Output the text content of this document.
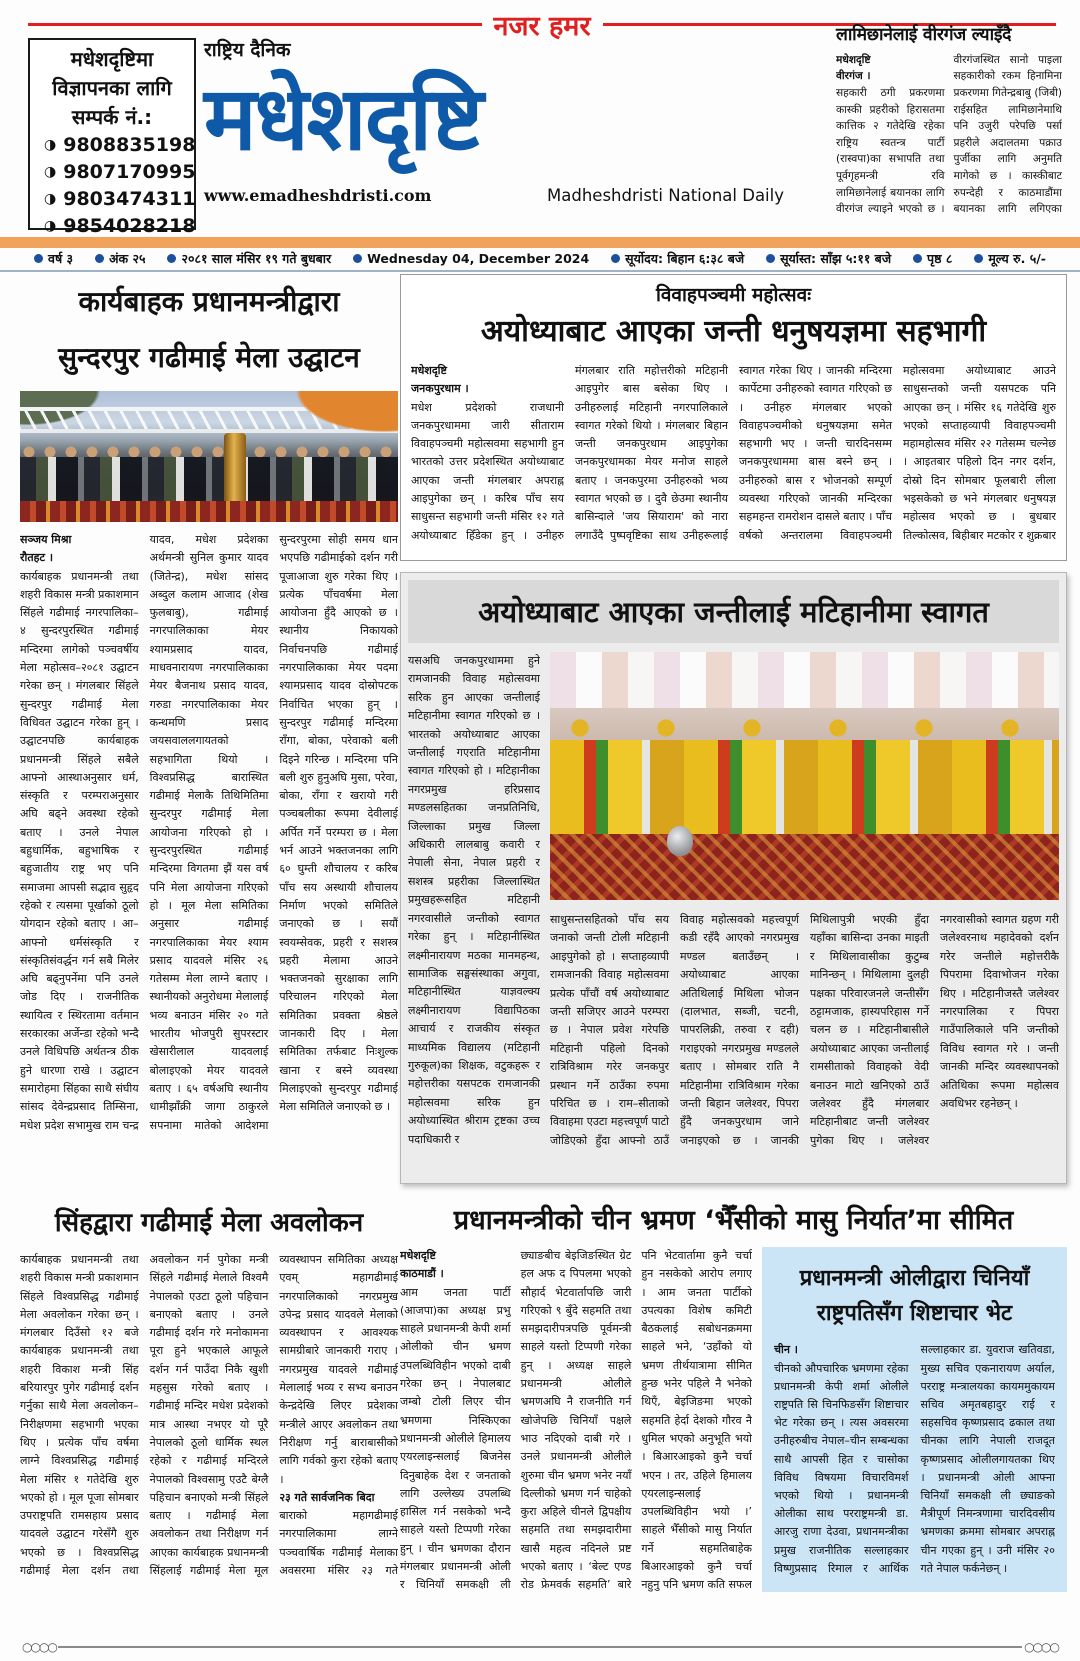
नजर हमर
मधेशदृष्टिमा
विज्ञापनका लागि
सम्पर्क नं.:
◑ 9808835198
◑ 9807170995
◑ 9803474311
◑ 9854028218
राष्ट्रिय दैनिक
मधेशदृष्टि
www.emadheshdristi.com	Madheshdristi National Daily
लामिछानेलाई वीरगंज ल्याइँदै
मधेशदृष्टि
वीरगंज ।
सहकारी ठगी प्रकरणमा कास्की प्रहरीको हिरासतमा कात्तिक २ गतेदेखि रहेका राष्ट्रिय स्वतन्त्र पार्टी (रास्वपा)का सभापति तथा पूर्वगृहमन्त्री रवि लामिछानेलाई बयानका लागि वीरगंज ल्याइने भएको छ । वीरगंजस्थित सानो पाइला सहकारीको रकम हिनामिना प्रकरणमा गितेन्द्रबाबु (जिबी) राईसहित लामिछानेमाथि पनि उजुरी परेपछि पर्सा प्रहरीले अदालतमा पक्राउ पुर्जीका लागि अनुमति मागेको छ । कास्कीबाट रुपन्देही र काठमाडौंमा बयानका लागि लगिएका
वर्ष ३	अंक २५	२०८१ साल मंसिर १९ गते बुधबार	Wednesday 04, December 2024	सूर्योदय: बिहान ६:३८ बजे	सूर्यास्त: साँझ ५:११ बजे	पृष्ठ ८	मूल्य रु. ५/-
कार्यबाहक प्रधानमन्त्रीद्वारा
सुन्दरपुर गढीमाई मेला उद्घाटन
सञ्जय मिश्रा
रौतहट ।
कार्यबाहक प्रधानमन्त्री तथा शहरी विकास मन्त्री प्रकाशमान सिंहले गढीमाई नगरपालिका–४ सुन्दरपुरस्थित गढीमाई मन्दिरमा लागेको पञ्चवर्षीय मेला महोत्सव–२०८१ उद्घाटन गरेका छन् । मंगलबार सिंहले सुन्दरपुर गढीमाई मेला विधिवत उद्घाटन गरेका हुन् । उद्घाटनपछि कार्यबाहक प्रधानमन्त्री सिंहले सबैले आफ्नो आस्थाअनुसार धर्म, संस्कृति र परम्पराअनुसार अघि बढ्ने अवस्था रहेको बताए । उनले नेपाल बहुधार्मिक, बहुभाषिक र बहुजातीय राष्ट्र भए पनि समाजमा आपसी सद्भाव सुहृद रहेको र त्यसमा पूर्खाको ठूलो योगदान रहेको बताए । आ–आफ्नो धर्मसंस्कृति र संस्कृतिसंवर्द्धन गर्न सबै मिलेर अघि बढ्नुपर्नेमा पनि उनले जोड दिए । राजनीतिक स्थायित्व र स्थिरतामा वर्तमान सरकारका अर्जेन्डा रहेको भन्दै उनले विधिपछि अर्थतन्त्र ठीक हुने धारणा राखे । उद्घाटन समारोहमा सिंहका साथै संघीय सांसद देवेन्द्रप्रसाद तिम्सिना, मधेश प्रदेश सभामुख राम चन्द्र यादव, मधेश प्रदेशका अर्थमन्त्री सुनिल कुमार यादव (जितेन्द्र), मधेश सांसद अब्दुल कलाम आजाद (शेख फुलबाबु), गढीमाई नगरपालिकाका मेयर श्यामप्रसाद यादव, माधवनारायण नगरपालिकाका मेयर बैजनाथ प्रसाद यादव, गरुडा नगरपालिकाका मेयर कन्थमणि प्रसाद जयसवाललगायतको सहभागिता थियो । विश्वप्रसिद्ध बारास्थित गढीमाई मेलाकै तिथिमितिमा सुन्दरपुर गढीमाई मेला आयोजना गरिएको हो । सुन्दरपुरस्थित गढीमाई मन्दिरमा विगतमा झैं यस वर्ष पनि मेला आयोजना गरिएको हो । मूल मेला समितिका अनुसार गढीमाई नगरपालिकाका मेयर श्याम प्रसाद यादवले मंसिर २६ गतेसम्म मेला लाग्ने बताए । स्थानीयको अनुरोधमा मेलालाई भव्य बनाउन मंसिर २० गते भारतीय भोजपुरी सुपरस्टार खेसारीलाल यादवलाई बोलाइएको मेयर यादवले बताए । ६५ वर्षअघि स्थानीय धामीझाँक्री जागा ठाकुरले सपनामा मातेको आदेशमा सुन्दरपुरमा सोही समय धान भएपछि गढीमाईको दर्शन गरी पूजाआजा शुरु गरेका थिए । प्रत्येक पाँचवर्षमा मेला आयोजना हुँदै आएको छ । स्थानीय निकायको निर्वाचनपछि गढीमाई नगरपालिकाका मेयर पदमा श्यामप्रसाद यादव दोस्रोपटक निर्वाचित भएका हुन् । सुन्दरपुर गढीमाई मन्दिरमा राँगा, बोका, परेवाको बली दिइने गरिन्छ । मन्दिरमा पनि बली शुरु हुनुअघि मुसा, परेवा, बोका, राँगा र खरायो गरी पञ्चबलीका रूपमा देवीलाई अर्पित गर्ने परम्परा छ । मेला भर्न आउने भक्तजनका लागि ६० घुम्ती शौचालय र करिब पाँच सय अस्थायी शौचालय निर्माण भएको समितिले जनाएको छ । सयौं स्वयम्सेवक, प्रहरी र सशस्त्र प्रहरी मेलामा आउने भक्तजनको सुरक्षाका लागि परिचालन गरिएको मेला समितिका प्रवक्ता श्रेष्ठले जानकारी दिए । मेला समितिका तर्फबाट निःशुल्क खाना र बस्ने व्यवस्था मिलाइएको सुन्दरपुर गढीमाई मेला समितिले जनाएको छ ।
सिंहद्वारा गढीमाई मेला अवलोकन
कार्यबाहक प्रधानमन्त्री तथा शहरी विकास मन्त्री प्रकाशमान सिंहले विश्वप्रसिद्ध गढीमाई मेला अवलोकन गरेका छन् । मंगलबार दिउँसो १२ बजे कार्यबाहक प्रधानमन्त्री तथा शहरी विकाश मन्त्री सिंह बरियारपुर पुगेर गढीमाई दर्शन गर्नुका साथै मेला अवलोकन–निरीक्षणमा सहभागी भएका थिए । प्रत्येक पाँच वर्षमा लाग्ने विश्वप्रसिद्ध गढीमाई मेला मंसिर १ गतेदेखि शुरु भएको हो । मूल पूजा सोमबार उपराष्ट्रपति रामसहाय प्रसाद यादवले उद्घाटन गरेसँगै शुरु भएको छ । विश्वप्रसिद्ध गढीमाई मेला दर्शन तथा अवलोकन गर्न पुगेका मन्त्री सिंहले गढीमाई मेलाले विश्वमै नेपालको एउटा ठूलो पहिचान बनाएको बताए । उनले गढीमाई दर्शन गरे मनोकामना पूरा हुने भएकाले आफूले दर्शन गर्न पाउँदा निकै खुशी महसुस गरेको बताए । गढीमाई मन्दिर मधेश प्रदेशको मात्र आस्था नभएर यो पूरै नेपालको ठूलो धार्मिक स्थल रहेको र गढीमाई मन्दिरले नेपालको विश्वसामु एउटै बेग्लै पहिचान बनाएको मन्त्री सिंहले बताए । गढीमाई मेला अवलोकन तथा निरीक्षण गर्न आएका कार्यबाहक प्रधानमन्त्री सिंहलाई गढीमाई मेला मूल व्यवस्थापन समितिका अध्यक्ष एवम् महागढीमाई नगरपालिकाको नगरप्रमुख उपेन्द्र प्रसाद यादवले मेलाको व्यवस्थापन र आवश्यक सामग्रीबारे जानकारी गराए । नगरप्रमुख यादवले गढीमाई मेलालाई भव्य र सभ्य बनाउन केन्द्रदेखि लिएर प्रदेशका मन्त्रीले आएर अवलोकन तथा निरीक्षण गर्नु बाराबासीको लागि गर्वको कुरा रहेको बताए ।
२३ गते सार्वजनिक बिदा
बाराको महागढीमाई नगरपालिकामा लाग्ने पञ्चवार्षिक गढीमाई मेलाका अवसरमा मंसिर २३ गते
विवाहपञ्चमी महोत्सवः
अयोध्याबाट आएका जन्ती धनुषयज्ञमा सहभागी
मधेशदृष्टि
जनकपुरधाम ।
मधेश प्रदेशको राजधानी जनकपुरधाममा जारी सीताराम विवाहपञ्चमी महोत्सवमा सहभागी हुन भारतको उत्तर प्रदेशस्थित अयोध्याबाट आएका जन्ती मंगलबार अपराह्न आइपुगेका छन् । करिब पाँच सय साधुसन्त सहभागी जन्ती मंसिर १२ गते अयोध्याबाट हिँडेका हुन् । उनीहरु मंगलबार राति महोत्तरीको मटिहानी आइपुगेर बास बसेका थिए । उनीहरुलाई मटिहानी नगरपालिकाले स्वागत गरेको थियो । मंगलबार बिहान जन्ती जनकपुरधाम आइपुगेका जनकपुरधामका मेयर मनोज साहले बताए । जनकपुरमा उनीहरुको भव्य स्वागत भएको छ । दुवै छेउमा स्थानीय बासिन्दाले 'जय सियाराम' को नारा लगाउँदै पुष्पवृष्टिका साथ उनीहरूलाई स्वागत गरेका थिए । जानकी मन्दिरमा कार्पेटमा उनीहरुको स्वागत गरिएको छ । उनीहरु मंगलबार भएको विवाहपञ्चमीको धनुषयज्ञमा समेत सहभागी भए । जन्ती चारदिनसम्म जनकपुरधाममा बास बस्ने छन् । उनीहरुको बास र भोजनको सम्पूर्ण व्यवस्था गरिएको जानकी मन्दिरका सहमहन्त रामरोशन दासले बताए । पाँच वर्षको अन्तरालमा विवाहपञ्चमी महोत्सवमा अयोध्याबाट आउने साधुसन्तको जन्ती यसपटक पनि आएका छन् । मंसिर १६ गतेदेखि शुरु भएको सप्ताहव्यापी विवाहपञ्चमी महामहोत्सव मंसिर २२ गतेसम्म चल्नेछ । आइतबार पहिलो दिन नगर दर्शन, दोस्रो दिन सोमबार फूलबारी लीला भइसकेको छ भने मंगलबार धनुषयज्ञ महोत्सव भएको छ । बुधबार तिल्कोत्सव, बिहीबार मटकोर र शुक्रबार
अयोध्याबाट आएका जन्तीलाई मटिहानीमा स्वागत
यसअघि जनकपुरधाममा हुने रामजानकी विवाह महोत्सवमा सरिक हुन आएका जन्तीलाई मटिहानीमा स्वागत गरिएको छ । भारतको अयोध्याबाट आएका जन्तीलाई गएराति मटिहानीमा स्वागत गरिएको हो । मटिहानीका नगरप्रमुख हरिप्रसाद मण्डलसहितका जनप्रतिनिधि, जिल्लाका प्रमुख जिल्ला अधिकारी लालबाबु कवारी र नेपाली सेना, नेपाल प्रहरी र सशस्त्र प्रहरीका जिल्लास्थित प्रमुखहरूसहित मटिहानी नगरवासीले जन्तीको स्वागत गरेका हुन् । मटिहानीस्थित लक्ष्मीनारायण मठका मानमहन्थ, सामाजिक सङ्घसंस्थाका अगुवा, मटिहानीस्थित याज्ञवल्क्य लक्ष्मीनारायण विद्यापिठका आचार्य र राजकीय संस्कृत माध्यमिक विद्यालय (मटिहानी गुरुकूल)का शिक्षक, वटुकहरू र महोत्तरीका यसपटक रामजानकी महोत्सवमा सरिक हुन अयोध्यास्थित श्रीराम ट्रष्टका उच्च पदाधिकारी र
साधुसन्तसहितको पाँच सय जनाको जन्ती टोली मटिहानी आइपुगेको हो । सप्ताहव्यापी रामजानकी विवाह महोत्सवमा प्रत्येक पाँचौं वर्ष अयोध्याबाट जन्ती सजिएर आउने परम्परा छ । नेपाल प्रवेश गरेपछि मटिहानी पहिलो दिनको रात्रिविश्राम गरेर जनकपुर प्रस्थान गर्ने ठाउँका रुपमा परिचित छ । राम–सीताको विवाहमा एउटा महत्त्वपूर्ण पाटो जोडिएको हुँदा आफ्नो ठाउँ विवाह महोत्सवको महत्त्वपूर्ण कडी रहँदै आएको नगरप्रमुख मण्डल बताउँछन् । अयोध्याबाट आएका अतिथिलाई मिथिला भोजन (दालभात, सब्जी, चटनी, पापरलिक्री, तरुवा र दही) गराइएको नगरप्रमुख मण्डलले बताए । सोमबार राति नै मटिहानीमा रात्रिविश्राम गरेका जन्ती बिहान जलेश्वर, पिपरा हुँदै जनकपुरधाम जाने जनाइएको छ । जानकी मिथिलापुत्री भएकी हुँदा यहाँका बासिन्दा उनका माइती र मिथिलावासीका कुटुम्ब मानिन्छन् । मिथिलामा दुलही पक्षका परिवारजनले जन्तीसँग ठट्टामजाक, हास्यपरिहास गर्ने चलन छ । मटिहानीबासीले अयोध्याबाट आएका जन्तीलाई रामसीताको विवाहको वेदी बनाउन माटो खनिएको ठाउँ जलेश्वर हुँदै मंगलबार मटिहानीबाट जन्ती जलेश्वर पुगेका थिए । जलेश्वर नगरवासीको स्वागत ग्रहण गरी जलेश्वरनाथ महादेवको दर्शन गरेर जन्तीले महोत्तरीकै पिपरामा दिवाभोजन गरेका थिए । मटिहानीजस्तै जलेश्वर नगरपालिका र पिपरा गाउँपालिकाले पनि जन्तीको विविध स्वागत गरे । जन्ती जानकी मन्दिर व्यवस्थापनको अतिथिका रूपमा महोत्सव अवधिभर रहनेछन् ।
प्रधानमन्त्रीको चीन भ्रमण ‘भैँसीको मासु निर्यात’मा सीमित
मधेशदृष्टि
काठमाडौं ।
आम जनता पार्टी (आजपा)का अध्यक्ष प्रभु साहले प्रधानमन्त्री केपी शर्मा ओलीको चीन भ्रमण उपलब्धिविहीन भएको दाबी गरेका छन् । नेपालबाट जम्बो टोली लिएर चीन भ्रमणमा निस्किएका प्रधानमन्त्री ओलीले हिमालय एयरलाइन्सलाई बिजनेस दिनुबाहेक देश र जनताको लागि उल्लेख्य उपलब्धि हासिल गर्न नसकेको भन्दै साहले यस्तो टिप्पणी गरेका हुन् । चीन भ्रमणका दौरान मंगलबार प्रधानमन्त्री ओली र चिनियाँ समकक्षी ली छ्याङबीच बेइजिङस्थित ग्रेट हल अफ द पिपलमा भएको सौहार्द भेटवार्तापछि जारी गरिएको ९ बुँदे सहमति तथा समझदारीपत्रपछि पूर्वमन्त्री साहले यस्तो टिप्पणी गरेका हुन् । अध्यक्ष साहले प्रधानमन्त्री ओलीले भ्रमणअघि नै राजनीति गर्न खोजेपछि चिनियाँ पक्षले भाउ नदिएको दाबी गरे । उनले प्रधानमन्त्री ओलीले शुरुमा चीन भ्रमण भनेर नयाँ दिल्लीको भ्रमण गर्न चाहेको कुरा अहिले चीनले द्विपक्षीय सहमति तथा समझदारीमा खासै महत्व नदिनले प्रष्ट भएको बताए । ‘बेल्ट एण्ड रोड फ्रेमवर्क सहमति’ बारे पनि भेटवार्तामा कुनै चर्चा हुन नसकेको आरोप लगाए । आम जनता पार्टीको उपत्यका विशेष कमिटी बैठकलाई सबोधनक्रममा साहले भने, ‘उहाँको यो भ्रमण तीर्थयात्रामा सीमित हुन्छ भनेर पहिले नै भनेको थिएँ, बेइजिङमा भएको सहमति हेर्दा देशको गौरव नै धुमिल भएको अनुभूति भयो । बिआरआइको कुनै चर्चा भएन । तर, उहिले हिमालय एयरलाइन्सलाई उपलब्धिविहीन भयो ।’ साहले भैँसीको मासु निर्यात गर्ने सहमतिबाहेक बिआरआइको कुनै चर्चा नहुनु पनि भ्रमण कति सफल
प्रधानमन्त्री ओलीद्वारा चिनियाँ
राष्ट्रपतिसँग शिष्टाचार भेट
चीन ।
चीनको औपचारिक भ्रमणमा रहेका प्रधानमन्त्री केपी शर्मा ओलीले राष्ट्रपति सि चिनफिङसँग शिष्टाचार भेट गरेका छन् । त्यस अवसरमा उनीहरुबीच नेपाल–चीन सम्बन्धका साथै आपसी हित र चासोका विविध विषयमा विचारविमर्श भएको थियो । प्रधानमन्त्री ओलीका साथ परराष्ट्रमन्त्री डा. आरजु राणा देउवा, प्रधानमन्त्रीका प्रमुख राजनीतिक सल्लाहकार विष्णुप्रसाद रिमाल र आर्थिक सल्लाहकार डा. युवराज खतिवडा, मुख्य सचिव एकनारायण अर्याल, परराष्ट्र मन्त्रालयका कायममुकायम सचिव अमृतबहादुर राई र सहसचिव कृष्णप्रसाद ढकाल तथा चीनका लागि नेपाली राजदूत कृष्णप्रसाद ओलीलगायतका थिए । प्रधानमन्त्री ओली आफ्ना चिनियाँ समकक्षी ली छ्याङको मैत्रीपूर्ण निमन्त्रणामा चारदिवसीय भ्रमणका क्रममा सोमबार अपराह्न चीन गएका हुन् । उनी मंसिर २० गते नेपाल फर्कनेछन् ।
○○○○	○○○○
